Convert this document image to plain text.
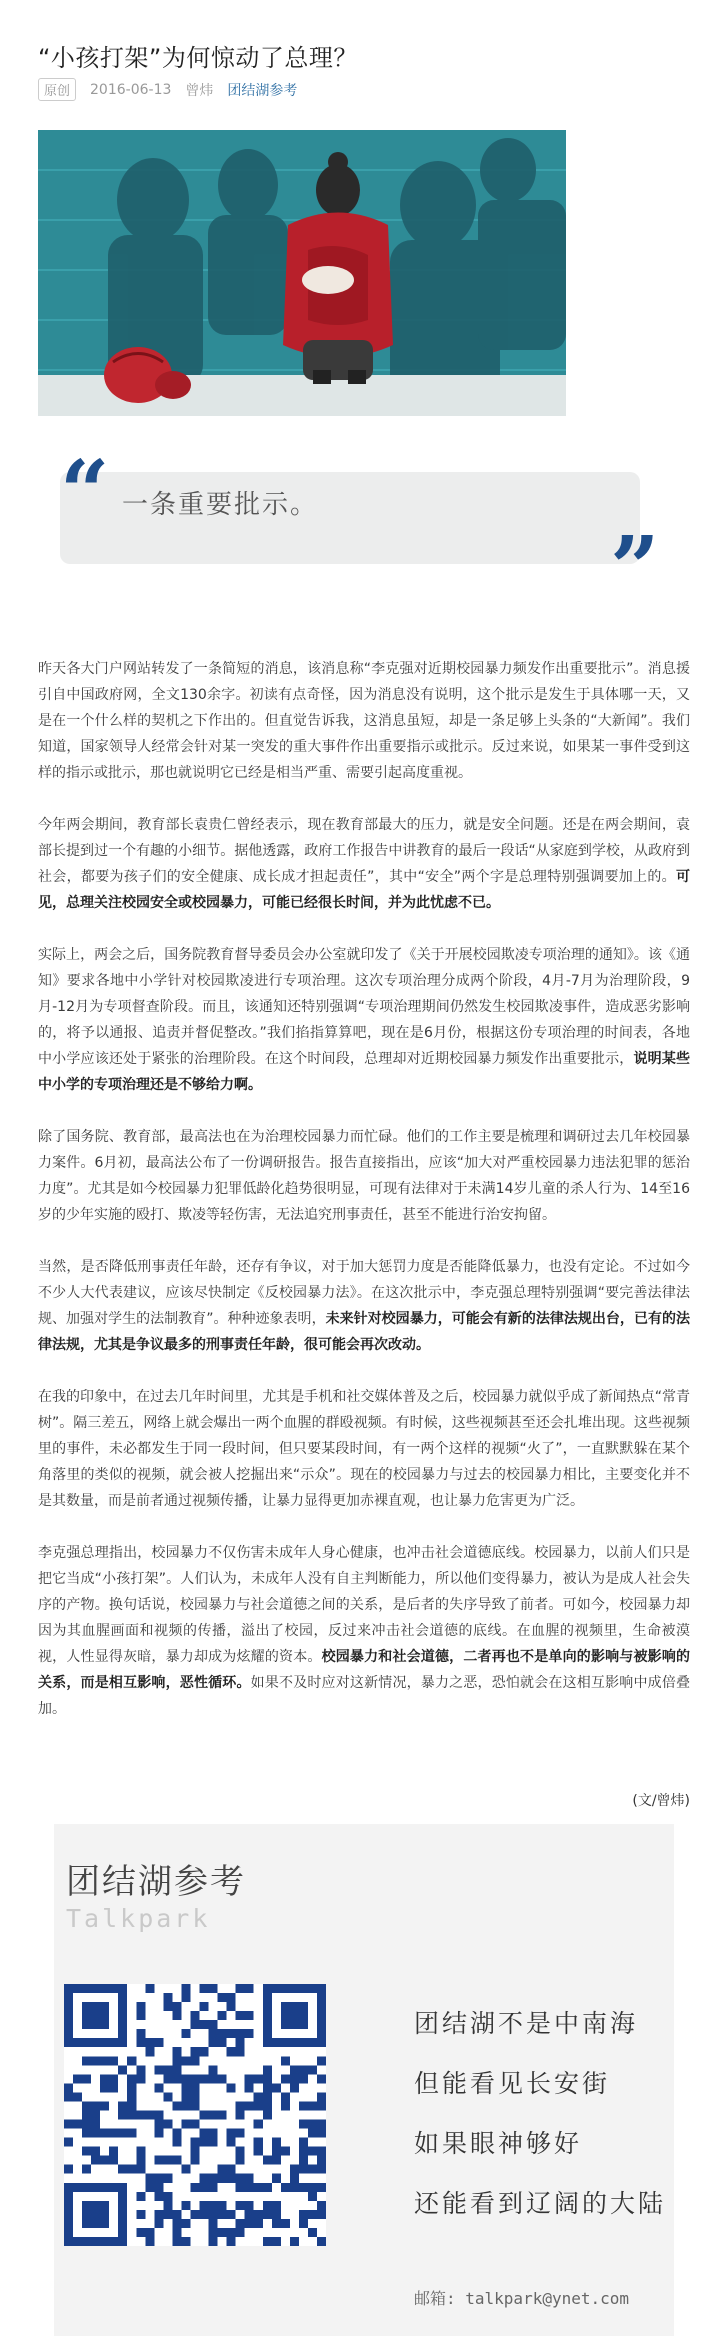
“小孩打架”为何惊动了总理？
原创	2016-06-13 曾炜 团结湖参考
“ 一条重要批示。
”

昨天各大门户网站转发了一条简短的消息，该消息称“李克强对近期校园暴力频发作出重要批示”。消息援引自中国政府网，全文130余字。初读有点奇怪，因为消息没有说明，这个批示是发生于具体哪一天，又是在一个什么样的契机之下作出的。但直觉告诉我，这消息虽短，却是一条足够上头条的“大新闻”。我们知道，国家领导人经常会针对某一突发的重大事件作出重要指示或批示。反过来说，如果某一事件受到这样的指示或批示，那也就说明它已经是相当严重、需要引起高度重视。

今年两会期间，教育部长袁贵仁曾经表示，现在教育部最大的压力，就是安全问题。还是在两会期间，袁部长提到过一个有趣的小细节。据他透露，政府工作报告中讲教育的最后一段话“从家庭到学校，从政府到社会，都要为孩子们的安全健康、成长成才担起责任”，其中“安全”两个字是总理特别强调要加上的。可见，总理关注校园安全或校园暴力，可能已经很长时间，并为此忧虑不已。

实际上，两会之后，国务院教育督导委员会办公室就印发了《关于开展校园欺凌专项治理的通知》。该《通知》要求各地中小学针对校园欺凌进行专项治理。这次专项治理分成两个阶段，4月-7月为治理阶段，9月-12月为专项督查阶段。而且，该通知还特别强调“专项治理期间仍然发生校园欺凌事件，造成恶劣影响的，将予以通报、追责并督促整改。”我们掐指算算吧，现在是6月份，根据这份专项治理的时间表，各地中小学应该还处于紧张的治理阶段。在这个时间段，总理却对近期校园暴力频发作出重要批示，说明某些中小学的专项治理还是不够给力啊。

除了国务院、教育部，最高法也在为治理校园暴力而忙碌。他们的工作主要是梳理和调研过去几年校园暴力案件。6月初，最高法公布了一份调研报告。报告直接指出，应该“加大对严重校园暴力违法犯罪的惩治力度”。尤其是如今校园暴力犯罪低龄化趋势很明显，可现有法律对于未满14岁儿童的杀人行为、14至16岁的少年实施的殴打、欺凌等轻伤害，无法追究刑事责任，甚至不能进行治安拘留。

当然，是否降低刑事责任年龄，还存有争议，对于加大惩罚力度是否能降低暴力，也没有定论。不过如今不少人大代表建议，应该尽快制定《反校园暴力法》。在这次批示中，李克强总理特别强调“要完善法律法规、加强对学生的法制教育”。种种迹象表明，未来针对校园暴力，可能会有新的法律法规出台，已有的法律法规，尤其是争议最多的刑事责任年龄，很可能会再次改动。

在我的印象中，在过去几年时间里，尤其是手机和社交媒体普及之后，校园暴力就似乎成了新闻热点“常青树”。隔三差五，网络上就会爆出一两个血腥的群殴视频。有时候，这些视频甚至还会扎堆出现。这些视频里的事件，未必都发生于同一段时间，但只要某段时间，有一两个这样的视频“火了”，一直默默躲在某个角落里的类似的视频，就会被人挖掘出来“示众”。现在的校园暴力与过去的校园暴力相比，主要变化并不是其数量，而是前者通过视频传播，让暴力显得更加赤裸直观，也让暴力危害更为广泛。

李克强总理指出，校园暴力不仅伤害未成年人身心健康，也冲击社会道德底线。校园暴力，以前人们只是把它当成“小孩打架”。人们认为，未成年人没有自主判断能力，所以他们变得暴力，被认为是成人社会失序的产物。换句话说，校园暴力与社会道德之间的关系，是后者的失序导致了前者。可如今，校园暴力却因为其血腥画面和视频的传播，溢出了校园，反过来冲击社会道德的底线。在血腥的视频里，生命被漠视，人性显得灰暗，暴力却成为炫耀的资本。校园暴力和社会道德，二者再也不是单向的影响与被影响的关系，而是相互影响，恶性循环。如果不及时应对这新情况，暴力之恶，恐怕就会在这相互影响中成倍叠加。

(文/曾炜)
团结湖参考
Talkpark
团结湖不是中南海
但能看见长安街
如果眼神够好
还能看到辽阔的大陆
邮箱: talkpark@ynet.com
